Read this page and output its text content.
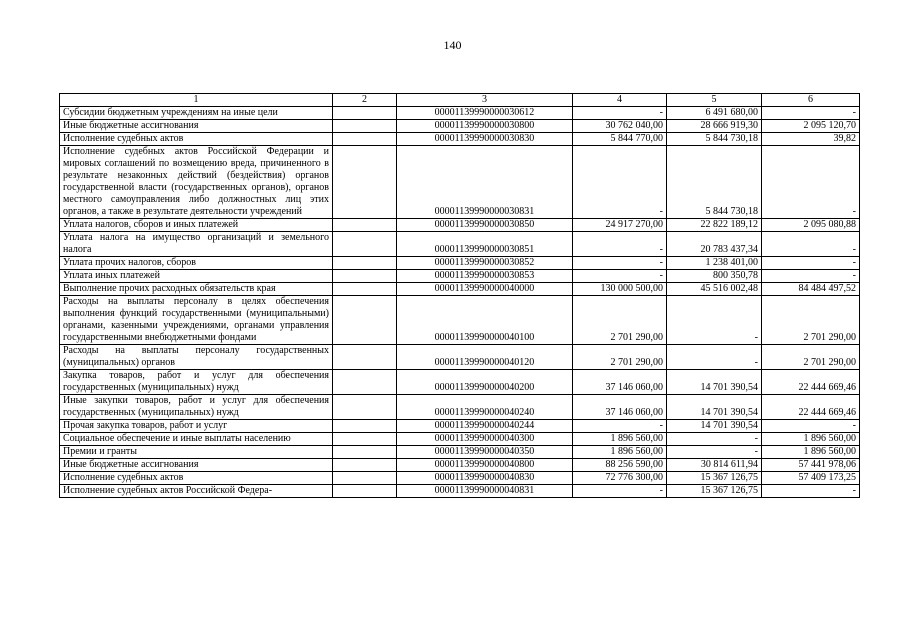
140
1	2	3	4	5	6
Субсидии бюджетным учреждениям на иные цели		00001139990000030612	-	6 491 680,00	-
Иные бюджетные ассигнования		00001139990000030800	30 762 040,00	28 666 919,30	2 095 120,70
Исполнение судебных актов		00001139990000030830	5 844 770,00	5 844 730,18	39,82
Исполнение судебных актов Российской Федерации и мировых соглашений по возмещению вреда, причиненного в результате незаконных действий (бездействия) органов государственной власти (государственных органов), органов местного самоуправления либо должностных лиц этих органов, а также в результате деятельности учреждений		00001139990000030831	-	5 844 730,18	-
Уплата налогов, сборов и иных платежей		00001139990000030850	24 917 270,00	22 822 189,12	2 095 080,88
Уплата налога на имущество организаций и земельного налога		00001139990000030851	-	20 783 437,34	-
Уплата прочих налогов, сборов		00001139990000030852	-	1 238 401,00	-
Уплата иных платежей		00001139990000030853	-	800 350,78	-
Выполнение прочих расходных обязательств края		00001139990000040000	130 000 500,00	45 516 002,48	84 484 497,52
Расходы на выплаты персоналу в целях обеспечения выполнения функций государственными (муниципальными) органами, казенными учреждениями, органами управления государственными внебюджетными фондами		00001139990000040100	2 701 290,00	-	2 701 290,00
Расходы на выплаты персоналу государственных (муниципальных) органов		00001139990000040120	2 701 290,00	-	2 701 290,00
Закупка товаров, работ и услуг для обеспечения государственных (муниципальных) нужд		00001139990000040200	37 146 060,00	14 701 390,54	22 444 669,46
Иные закупки товаров, работ и услуг для обеспечения государственных (муниципальных) нужд		00001139990000040240	37 146 060,00	14 701 390,54	22 444 669,46
Прочая закупка товаров, работ и услуг		00001139990000040244	-	14 701 390,54	-
Социальное обеспечение и иные выплаты населению		00001139990000040300	1 896 560,00	-	1 896 560,00
Премии и гранты		00001139990000040350	1 896 560,00	-	1 896 560,00
Иные бюджетные ассигнования		00001139990000040800	88 256 590,00	30 814 611,94	57 441 978,06
Исполнение судебных актов		00001139990000040830	72 776 300,00	15 367 126,75	57 409 173,25
Исполнение судебных актов Российской Федера-		00001139990000040831	-	15 367 126,75	-
